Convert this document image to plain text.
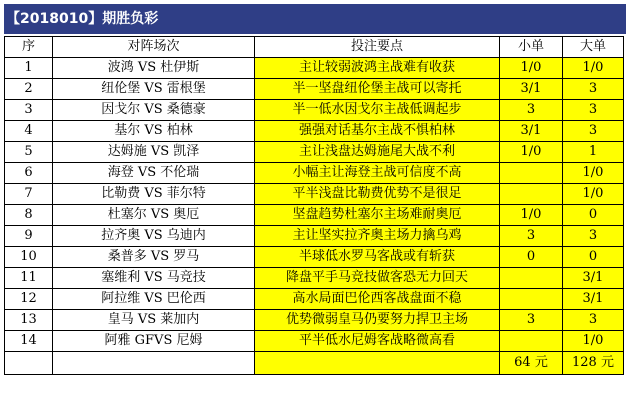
【2018010】期胜负彩
序	对阵场次	投注要点	小单	大单
1	波鸿 VS 杜伊斯	主让较弱波鸿主战难有收获	1/0	1/0
2	纽伦堡 VS 雷根堡	半一坚盘纽伦堡主战可以寄托	3/1	3
3	因戈尔 VS 桑德豪	半一低水因戈尔主战低调起步	3	3
4	基尔 VS 柏林	强强对话基尔主战不惧柏林	3/1	3
5	达姆施 VS 凯泽	主让浅盘达姆施尾大战不利	1/0	1
6	海登 VS 不伦瑞	小幅主让海登主战可信度不高		1/0
7	比勒费 VS 菲尔特	平半浅盘比勒费优势不是很足		1/0
8	杜塞尔 VS 奥厄	坚盘趋势杜塞尔主场难耐奥厄	1/0	0
9	拉齐奥 VS 乌迪内	主让坚实拉齐奥主场力擒乌鸡	3	3
10	桑普多 VS 罗马	半球低水罗马客战或有斩获	0	0
11	塞维利 VS 马竞技	降盘平手马竞技做客恐无力回天		3/1
12	阿拉维 VS 巴伦西	高水局面巴伦西客战盘面不稳		3/1
13	皇马 VS 莱加内	优势微弱皇马仍要努力捍卫主场	3	3
14	阿雅 GFVS 尼姆	平半低水尼姆客战略微高看		1/0
			64 元	128 元
